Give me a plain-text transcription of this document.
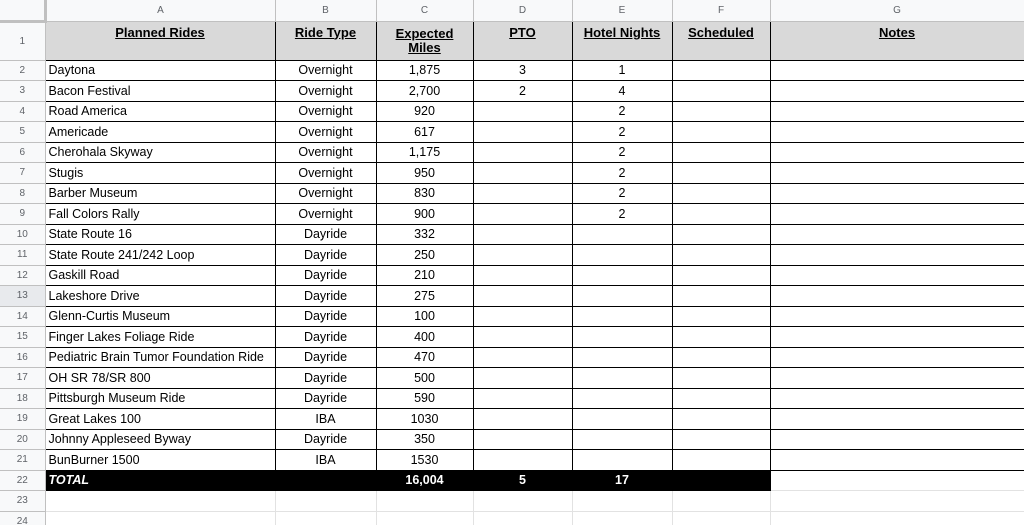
	A	B	C	D	E	F	G
1	Planned Rides	Ride Type	Expected Miles	PTO	Hotel Nights	Scheduled	Notes
2	Daytona	Overnight	1,875	3	1		
3	Bacon Festival	Overnight	2,700	2	4		
4	Road America	Overnight	920		2		
5	Americade	Overnight	617		2		
6	Cherohala Skyway	Overnight	1,175		2		
7	Stugis	Overnight	950		2		
8	Barber Museum	Overnight	830		2		
9	Fall Colors Rally	Overnight	900		2		
10	State Route 16	Dayride	332				
11	State Route 241/242 Loop	Dayride	250				
12	Gaskill Road	Dayride	210				
13	Lakeshore Drive	Dayride	275				
14	Glenn-Curtis Museum	Dayride	100				
15	Finger Lakes Foliage Ride	Dayride	400				
16	Pediatric Brain Tumor Foundation Ride	Dayride	470				
17	OH SR 78/SR 800	Dayride	500				
18	Pittsburgh Museum Ride	Dayride	590				
19	Great Lakes 100	IBA	1030				
20	Johnny Appleseed Byway	Dayride	350				
21	BunBurner 1500	IBA	1530				
22	TOTAL		16,004	5	17		
23							
24							
